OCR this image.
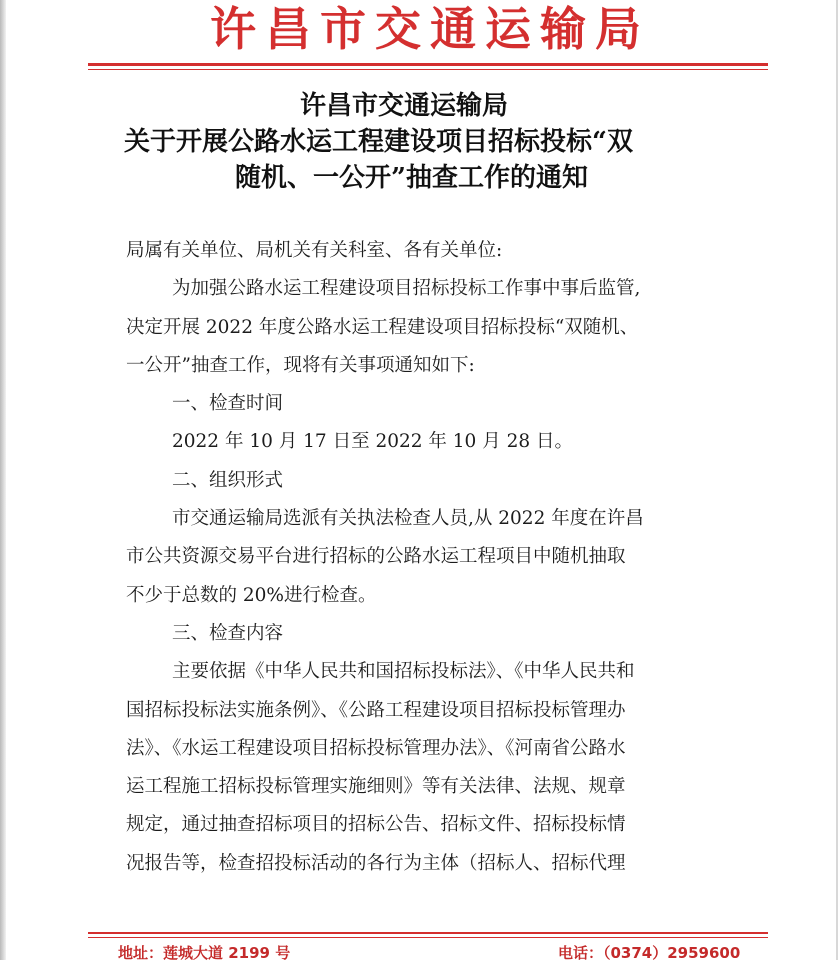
许昌市交通运输局
许昌市交通运输局
关于开展公路水运工程建设项目招标投标“双
随机、一公开”抽查工作的通知
局属有关单位、局机关有关科室、各有关单位:
为加强公路水运工程建设项目招标投标工作事中事后监管,
决定开展 2022 年度公路水运工程建设项目招标投标“双随机、
一公开”抽查工作，现将有关事项通知如下:
一、检查时间
2022 年 10 月 17 日至 2022 年 10 月 28 日。
二、组织形式
市交通运输局选派有关执法检查人员,从 2022 年度在许昌
市公共资源交易平台进行招标的公路水运工程项目中随机抽取
不少于总数的 20%进行检查。
三、检查内容
主要依据《中华人民共和国招标投标法》、《中华人民共和
国招标投标法实施条例》、《公路工程建设项目招标投标管理办
法》、《水运工程建设项目招标投标管理办法》、《河南省公路水
运工程施工招标投标管理实施细则》等有关法律、法规、规章
规定，通过抽查招标项目的招标公告、招标文件、招标投标情
况报告等，检查招投标活动的各行为主体（招标人、招标代理
地址：莲城大道 2199 号	电话：（0374）2959600
